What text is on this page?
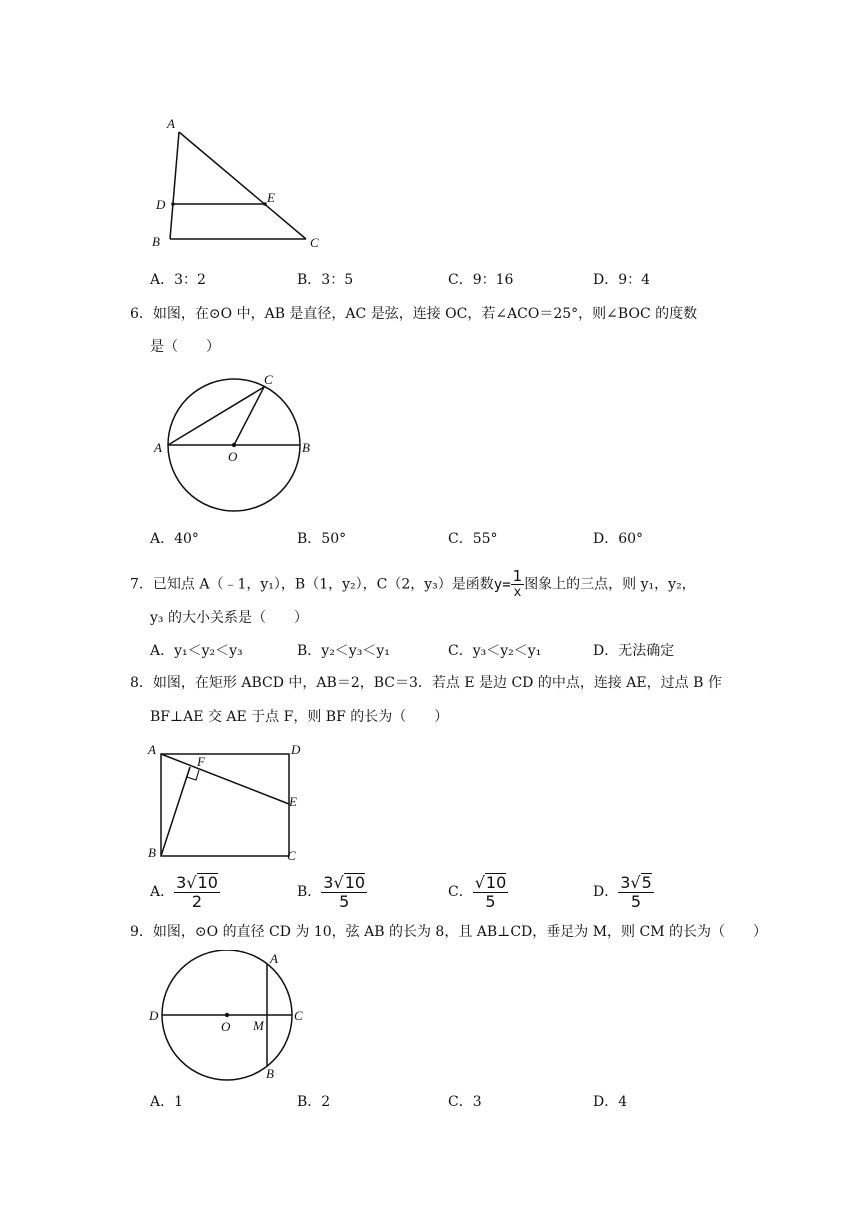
A
D	E
B	C
A．3：2	B．3：5	C．9：16	D．9：4
6．如图，在⊙O 中，AB 是直径，AC 是弦，连接 OC，若∠ACO＝25°，则∠BOC 的度数
是（　　）
A
O
B
C
A．40°	B．50°	C．55°	D．60°
7．已知点 A（﹣1，y₁），B（1，y₂），C（2，y₃）是函数$y= \frac{1}{x}$ 图象上的三点，则 y₁，y₂，
y₃ 的大小关系是（　　）
A．y₁＜y₂＜y₃	B．y₂＜y₃＜y₁	C．y₃＜y₂＜y₁	D．无法确定
8．如图，在矩形 ABCD 中，AB＝2，BC＝3．若点 E 是边 CD 的中点，连接 AE，过点 B 作
BF⊥AE 交 AE 于点 F，则 BF 的长为（　　）
A	D
F
E
B	C
A． $\frac{3√10}{2}$	B． $\frac{3√10}{5}$	C． $\frac{√10}{5}$	D． $\frac{3√5}{5}$
9．如图，⊙O 的直径 CD 为 10，弦 AB 的长为 8，且 AB⊥CD，垂足为 M，则 CM 的长为（　　）
D
O M
C
A
B
A．1	B．2	C．3	D．4
